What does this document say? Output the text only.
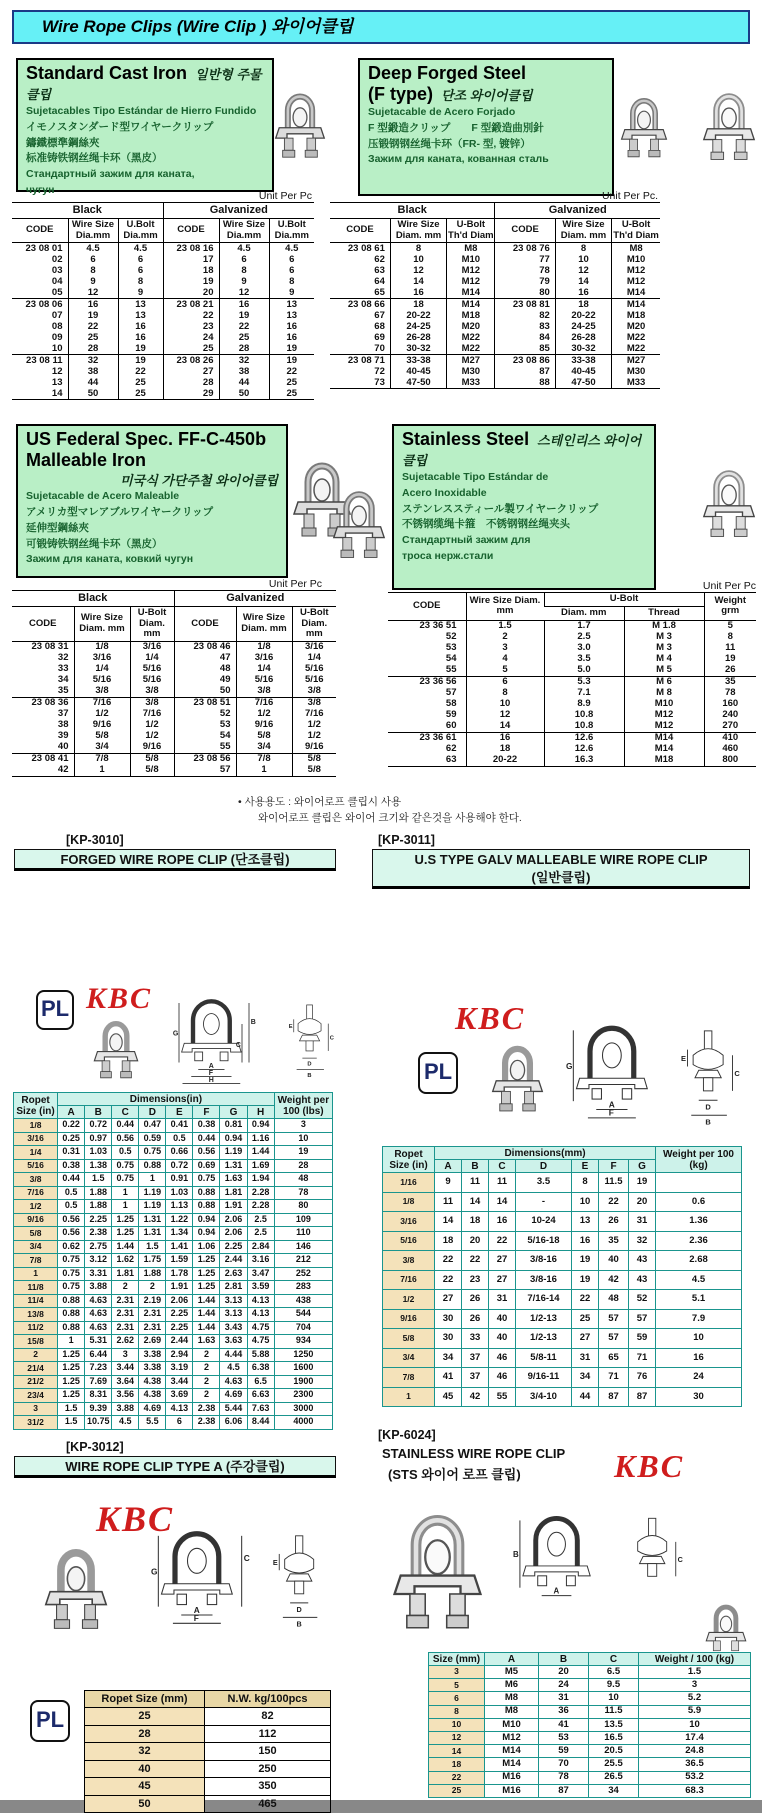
Wire Rope Clips (Wire Clip ) 와이어클립
Standard Cast Iron 일반형 주물클립
Sujetacables Tipo Estándar de Hierro Fundido
イモノスタンダード型ワイヤークリップ
鑄鐵標準鋼絲夾
标准铸铁钢丝绳卡环（黑皮）
Стандартный зажим для каната,
чугун
Unit Per Pc
Black			Galvanized		
CODE	Wire Size Dia.mm	U.Bolt Dia.mm	CODE	Wire Size Dia.mm	U.Bolt Dia.mm
23 08 01	4.5	4.5	23 08 16	4.5	4.5
02	6	6	17	6	6
03	8	6	18	8	6
04	9	8	19	9	8
05	12	9	20	12	9
23 08 06	16	13	23 08 21	16	13
07	19	13	22	19	13
08	22	16	23	22	16
09	25	16	24	25	16
10	28	19	25	28	19
23 08 11	32	19	23 08 26	32	19
12	38	22	27	38	22
13	44	25	28	44	25
14	50	25	29	50	25
Deep Forged Steel
(F type) 단조 와이어클립
Sujetacable de Acero Forjado
F 型鍛造クリップ　　F 型鍛造曲別針
压锻钢钢丝绳卡环（FR- 型, 镀锌）
Зажим для каната, кованная сталь
Unit Per Pc.
Black			Galvanized		
CODE	Wire Size Diam. mm	U-Bolt Th'd Diam	CODE	Wire Size Diam. mm	U-Bolt Th'd Diam
23 08 61	8	M8	23 08 76	8	M8
62	10	M10	77	10	M10
63	12	M12	78	12	M12
64	14	M12	79	14	M12
65	16	M14	80	16	M14
23 08 66	18	M14	23 08 81	18	M14
67	20-22	M18	82	20-22	M18
68	24-25	M20	83	24-25	M20
69	26-28	M22	84	26-28	M22
70	30-32	M22	85	30-32	M22
23 08 71	33-38	M27	23 08 86	33-38	M27
72	40-45	M30	87	40-45	M30
73	47-50	M33	88	47-50	M33
US Federal Spec. FF-C-450b
Malleable Iron
미국식 가단주철 와이어클립
Sujetacable de Acero Maleable
アメリカ型マレアブルワイヤークリップ
延伸型鋼絲夾
可锻铸铁钢丝绳卡环（黑皮）
Зажим для каната, ковкий чугун
Unit Per Pc
Black			Galvanized		
CODE	Wire Size Diam. mm	U-Bolt Diam. mm	CODE	Wire Size Diam. mm	U-Bolt Diam. mm
23 08 31	1/8	3/16	23 08 46	1/8	3/16
32	3/16	1/4	47	3/16	1/4
33	1/4	5/16	48	1/4	5/16
34	5/16	5/16	49	5/16	5/16
35	3/8	3/8	50	3/8	3/8
23 08 36	7/16	3/8	23 08 51	7/16	3/8
37	1/2	7/16	52	1/2	7/16
38	9/16	1/2	53	9/16	1/2
39	5/8	1/2	54	5/8	1/2
40	3/4	9/16	55	3/4	9/16
23 08 41	7/8	5/8	23 08 56	7/8	5/8
42	1	5/8	57	1	5/8
Stainless Steel 스테인리스 와이어클립
Sujetacable Tipo Estándar de
Acero Inoxidable
ステンレススティール製ワイヤークリップ
不锈钢缆绳卡箍　不锈钢钢丝绳夹头
Стандартный зажим для
троса нерж.стали
Unit Per Pc
CODE	Wire Size Diam. mm	U-Bolt		Weight grm
		Diam. mm	Thread	
23 36 51	1.5	1.7	M 1.8	5
52	2	2.5	M 3	8
53	3	3.0	M 3	11
54	4	3.5	M 4	19
55	5	5.0	M 5	26
23 36 56	6	5.3	M 6	35
57	8	7.1	M 8	78
58	10	8.9	M10	160
59	12	10.8	M12	240
60	14	10.8	M12	270
23 36 61	16	12.6	M14	410
62	18	12.6	M14	460
63	20-22	16.3	M18	800
• 사용용도 : 와이어로프 클립시 사용
와이어로프 클립은 와이어 크기와 같은것을 사용해야 한다.
[KP-3010]
FORGED WIRE ROPE CLIP (단조클립)
PL KBC
G
B
C
A
F
H
E
C
D
B
Ropet Size (in)	Dimensions(in)								Weight per 100 (lbs)
	A	B	C	D	E	F	G	H	
1/8	0.22	0.72	0.44	0.47	0.41	0.38	0.81	0.94	3
3/16	0.25	0.97	0.56	0.59	0.5	0.44	0.94	1.16	10
1/4	0.31	1.03	0.5	0.75	0.66	0.56	1.19	1.44	19
5/16	0.38	1.38	0.75	0.88	0.72	0.69	1.31	1.69	28
3/8	0.44	1.5	0.75	1	0.91	0.75	1.63	1.94	48
7/16	0.5	1.88	1	1.19	1.03	0.88	1.81	2.28	78
1/2	0.5	1.88	1	1.19	1.13	0.88	1.91	2.28	80
9/16	0.56	2.25	1.25	1.31	1.22	0.94	2.06	2.5	109
5/8	0.56	2.38	1.25	1.31	1.34	0.94	2.06	2.5	110
3/4	0.62	2.75	1.44	1.5	1.41	1.06	2.25	2.84	146
7/8	0.75	3.12	1.62	1.75	1.59	1.25	2.44	3.16	212
1	0.75	3.31	1.81	1.88	1.78	1.25	2.63	3.47	252
11/8	0.75	3.88	2	2	1.91	1.25	2.81	3.59	283
11/4	0.88	4.63	2.31	2.19	2.06	1.44	3.13	4.13	438
13/8	0.88	4.63	2.31	2.31	2.25	1.44	3.13	4.13	544
11/2	0.88	4.63	2.31	2.31	2.25	1.44	3.43	4.75	704
15/8	1	5.31	2.62	2.69	2.44	1.63	3.63	4.75	934
2	1.25	6.44	3	3.38	2.94	2	4.44	5.88	1250
21/4	1.25	7.23	3.44	3.38	3.19	2	4.5	6.38	1600
21/2	1.25	7.69	3.64	4.38	3.44	2	4.63	6.5	1900
23/4	1.25	8.31	3.56	4.38	3.69	2	4.69	6.63	2300
3	1.5	9.39	3.88	4.69	4.13	2.38	5.44	7.63	3000
31/2	1.5	10.75	4.5	5.5	6	2.38	6.06	8.44	4000
[KP-3011]
U.S TYPE GALV MALLEABLE WIRE ROPE CLIP
(일반클립)
KBC
PL	G
A
F
E
C
D
B
Ropet Size (in)	Dimensions(mm)							Weight per 100 (kg)
	A	B	C	D	E	F	G	
1/16	9	11	11	3.5	8	11.5	19	
1/8	11	14	14	-	10	22	20	0.6
3/16	14	18	16	10-24	13	26	31	1.36
5/16	18	20	22	5/16-18	16	35	32	2.36
3/8	22	22	27	3/8-16	19	40	43	2.68
7/16	22	23	27	3/8-16	19	42	43	4.5
1/2	27	26	31	7/16-14	22	48	52	5.1
9/16	30	26	40	1/2-13	25	57	57	7.9
5/8	30	33	40	1/2-13	27	57	59	10
3/4	34	37	46	5/8-11	31	65	71	16
7/8	41	37	46	9/16-11	34	71	76	24
1	45	42	55	3/4-10	44	87	87	30
[KP-6024]
STAINLESS WIRE ROPE CLIP
(STS 와이어 로프 클립)	KBC
B
A
C
Size (mm)	A	B	C	Weight / 100 (kg)
3	M5	20	6.5	1.5
5	M6	24	9.5	3
6	M8	31	10	5.2
8	M8	36	11.5	5.9
10	M10	41	13.5	10
12	M12	53	16.5	17.4
14	M14	59	20.5	24.8
18	M14	70	25.5	36.5
22	M16	78	26.5	53.2
25	M16	87	34	68.3
[KP-3012]
WIRE ROPE CLIP TYPE A (주강클립)
KBC
G
C
A
F
E
D
B
PL
Ropet Size (mm)	N.W. kg/100pcs
25	82
28	112
32	150
40	250
45	350
50	465
